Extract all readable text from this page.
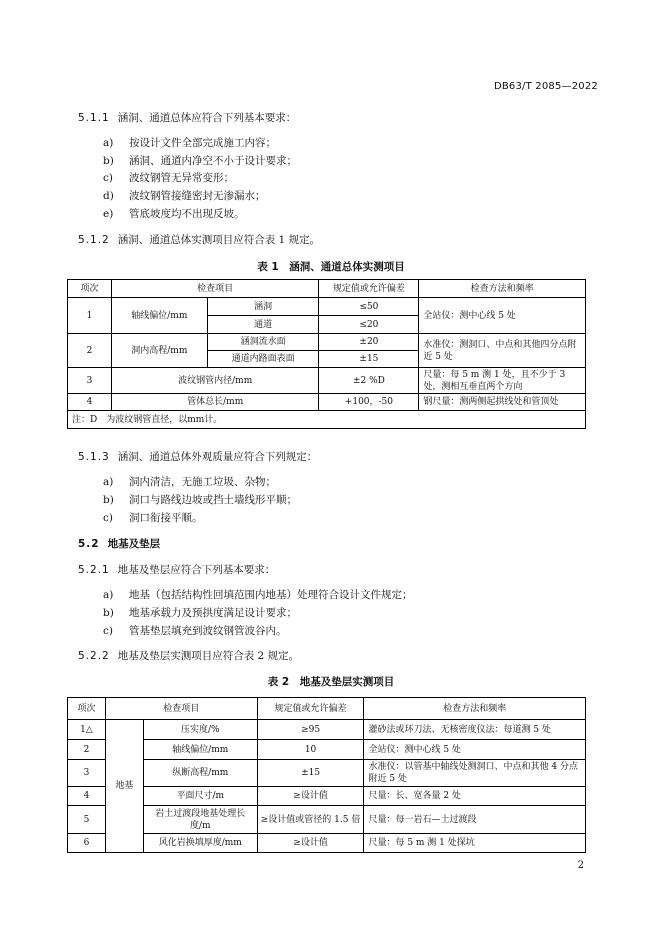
DB63/T 2085—2022
5.1.1 涵洞、通道总体应符合下列基本要求：
a) 按设计文件全部完成施工内容；
b) 涵洞、通道内净空不小于设计要求；
c) 波纹钢管无异常变形；
d) 波纹钢管接缝密封无渗漏水；
e) 管底坡度均不出现反坡。
5.1.2 涵洞、通道总体实测项目应符合表 1 规定。
表 1　涵洞、通道总体实测项目
项次	检查项目		规定值或允许偏差	检查方法和频率
1	轴线偏位/mm	涵洞	≤50	全站仪：测中心线 5 处
		通道	≤20	
2	洞内高程/mm	涵洞流水面	±20	水准仪：测洞口、中点和其他四分点附近 5 处
		通道内路面表面	±15	
3	波纹钢管内径/mm		±2 %D	尺量：每 5 m 测 1 处，且不少于 3 处，测相互垂直两个方向
4	管体总长/mm		+100，-50	钢尺量：测两侧起拱线处和管顶处
注：D　为波纹钢管直径，以mm计。				
5.1.3 涵洞、通道总体外观质量应符合下列规定：
a) 洞内清洁，无施工垃圾、杂物；
b) 洞口与路线边坡或挡土墙线形平顺；
c) 洞口衔接平顺。
5.2 地基及垫层
5.2.1 地基及垫层应符合下列基本要求：
a) 地基（包括结构性回填范围内地基）处理符合设计文件规定；
b) 地基承载力及预拱度满足设计要求；
c) 管基垫层填充到波纹钢管波谷内。
5.2.2 地基及垫层实测项目应符合表 2 规定。
表 2　地基及垫层实测项目
项次	检查项目		规定值或允许偏差	检查方法和频率
1△	地基	压实度/%	≥95	灌砂法或环刀法、无核密度仪法：每道测 5 处
2		轴线偏位/mm	10	全站仪：测中心线 5 处
3		纵断高程/mm	±15	水准仪：以管基中轴线处测洞口、中点和其他 4 分点附近 5 处
4		平面尺寸/m	≥设计值	尺量：长、宽各量 2 处
5		岩土过渡段地基处理长度/m	≥设计值或管径的 1.5 倍	尺量：每一岩石—土过渡段
6		风化岩换填厚度/mm	≥设计值	尺量：每 5 m 测 1 处探坑
2
